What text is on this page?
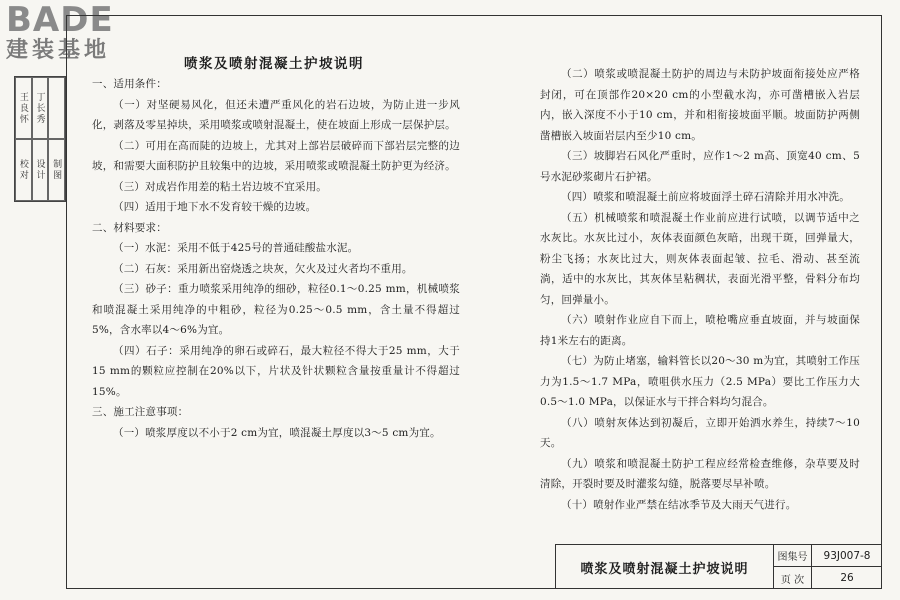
BADE
建装基地
王良怀 丁长秀
校对 设计 制图
喷浆及喷射混凝土护坡说明

一、适用条件：

（一）对坚硬易风化，但还未遭严重风化的岩石边坡，为防止进一步风化，剥落及零星掉块，采用喷浆或喷射混凝土，使在坡面上形成一层保护层。

（二）可用在高而陡的边坡上，尤其对上部岩层破碎而下部岩层完整的边坡，和需要大面积防护且较集中的边坡，采用喷浆或喷混凝土防护更为经济。

（三）对成岩作用差的粘土岩边坡不宜采用。

（四）适用于地下水不发育较干燥的边坡。

二、材料要求：

（一）水泥：采用不低于425号的普通硅酸盐水泥。

（二）石灰：采用新出窑烧透之块灰，欠火及过火者均不重用。

（三）砂子：重力喷浆采用纯净的细砂，粒径0.1～0.25 mm，机械喷浆和喷混凝土采用纯净的中粗砂，粒径为0.25～0.5 mm，含土量不得超过5%，含水率以4～6%为宜。

（四）石子：采用纯净的卵石或碎石，最大粒径不得大于25 mm，大于15 mm的颗粒应控制在20%以下，片状及针状颗粒含量按重量计不得超过15%。

三、施工注意事项：

（一）喷浆厚度以不小于2 cm为宜，喷混凝土厚度以3～5 cm为宜。

（二）喷浆或喷混凝土防护的周边与未防护坡面衔接处应严格封闭，可在顶部作20×20 cm的小型截水沟，亦可凿槽嵌入岩层内，嵌入深度不小于10 cm，并和相衔接坡面平顺。坡面防护两侧凿槽嵌入坡面岩层内至少10 cm。

（三）坡脚岩石风化严重时，应作1～2 m高、顶宽40 cm、5号水泥砂浆砌片石护裙。

（四）喷浆和喷混凝土前应将坡面浮土碎石清除并用水冲洗。

（五）机械喷浆和喷混凝土作业前应进行试喷，以调节适中之水灰比。水灰比过小，灰体表面颜色灰暗，出现干斑，回弹量大，粉尘飞扬；水灰比过大，则灰体表面起皱、拉毛、滑动、甚至流淌，适中的水灰比，其灰体呈粘稠状，表面光滑平整，骨料分布均匀，回弹量小。

（六）喷射作业应自下而上，喷枪嘴应垂直坡面，并与坡面保持1米左右的距离。

（七）为防止堵塞，输料管长以20～30 m为宜，其喷射工作压力为1.5～1.7 MPa，喷咀供水压力（2.5 MPa）要比工作压力大0.5～1.0 MPa，以保证水与干拌合料均匀混合。

（八）喷射灰体达到初凝后，立即开始洒水养生，持续7～10天。

（九）喷浆和喷混凝土防护工程应经常检查维修，杂草要及时清除，开裂时要及时灌浆勾缝，脱落要尽早补喷。

（十）喷射作业严禁在结冰季节及大雨天气进行。

喷浆及喷射混凝土护坡说明
图集号	93J007-8
页 次	26
